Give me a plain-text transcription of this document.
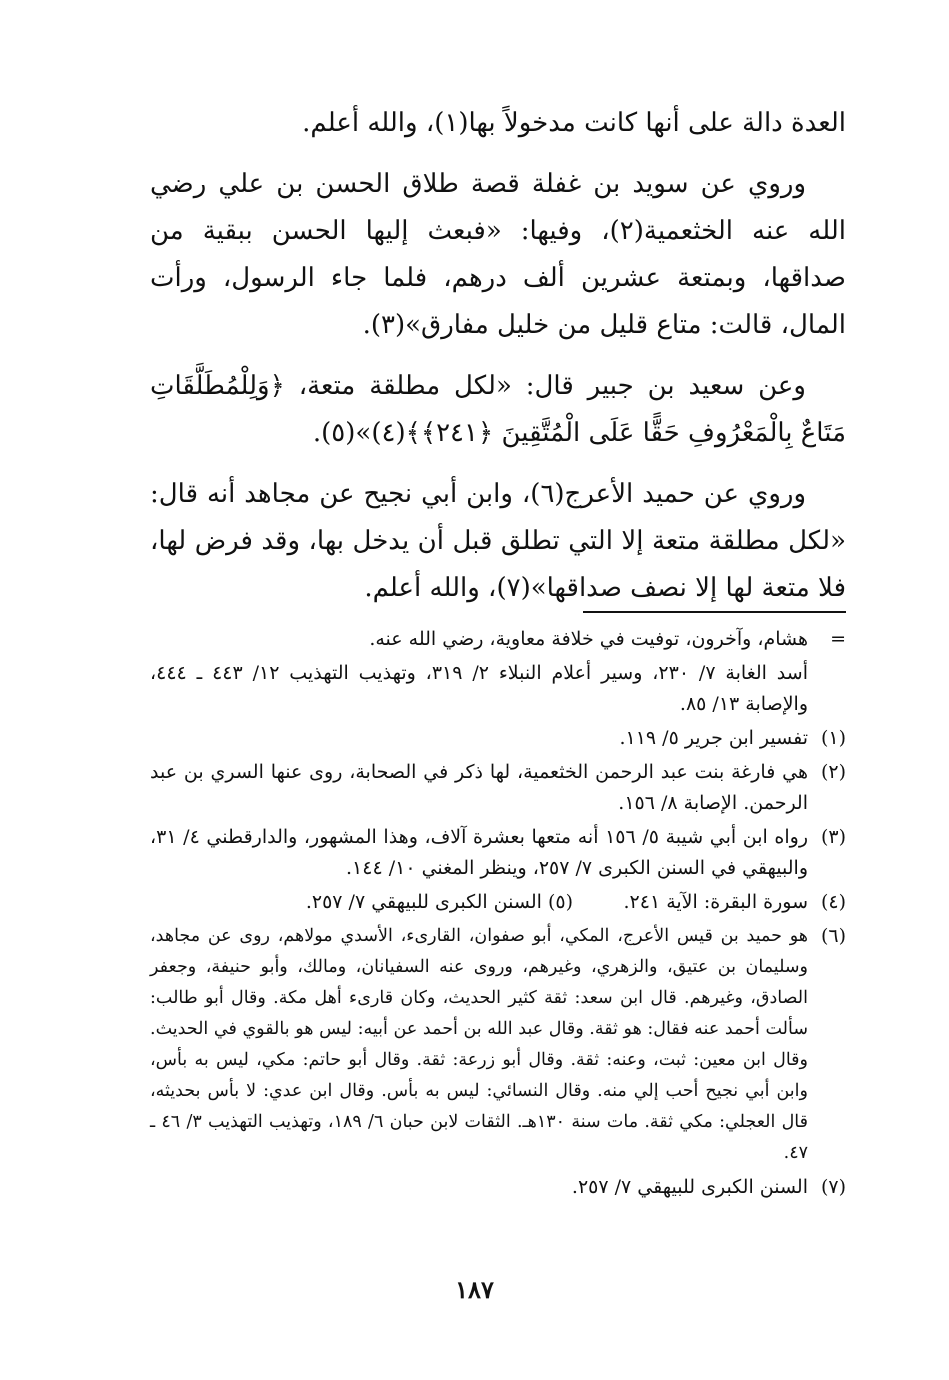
العدة دالة على أنها كانت مدخولاً بها(١)، والله أعلم.

وروي عن سويد بن غفلة قصة طلاق الحسن بن علي رضي الله عنه الخثعمية(٢)، وفيها: «فبعث إليها الحسن ببقية من صداقها، وبمتعة عشرين ألف درهم، فلما جاء الرسول، ورأت المال، قالت: متاع قليل من خليل مفارق»(٣).

وعن سعيد بن جبير قال: «لكل مطلقة متعة، ﴿وَلِلْمُطَلَّقَاتِ مَتَاعٌ بِالْمَعْرُوفِ حَقًّا عَلَى الْمُتَّقِينَ ﴿٢٤١﴾﴾(٤)»(٥).

وروي عن حميد الأعرج(٦)، وابن أبي نجيح عن مجاهد أنه قال: «لكل مطلقة متعة إلا التي تطلق قبل أن يدخل بها، وقد فرض لها، فلا متعة لها إلا نصف صداقها»(٧)، والله أعلم.

=
هشام، وآخرون، توفيت في خلافة معاوية، رضي الله عنه.
أسد الغابة ٧/ ٢٣٠، وسير أعلام النبلاء ٢/ ٣١٩، وتهذيب التهذيب ١٢/ ٤٤٣ ـ ٤٤٤، والإصابة ١٣/ ٨٥.
(١)
تفسير ابن جرير ٥/ ١١٩.
(٢)
هي فارغة بنت عبد الرحمن الخثعمية، لها ذكر في الصحابة، روى عنها السري بن عبد الرحمن. الإصابة ٨/ ١٥٦.
(٣)
رواه ابن أبي شيبة ٥/ ١٥٦ أنه متعها بعشرة آلاف، وهذا المشهور، والدارقطني ٤/ ٣١، والبيهقي في السنن الكبرى ٧/ ٢٥٧، وينظر المغني ١٠/ ١٤٤.
(٤)
سورة البقرة: الآية ٢٤١.
(٥) السنن الكبرى للبيهقي ٧/ ٢٥٧.
(٦)
هو حميد بن قيس الأعرج، المكي، أبو صفوان، القارىء، الأسدي مولاهم، روى عن مجاهد، وسليمان بن عتيق، والزهري، وغيرهم، وروى عنه السفيانان، ومالك، وأبو حنيفة، وجعفر الصادق، وغيرهم. قال ابن سعد: ثقة كثير الحديث، وكان قارىء أهل مكة. وقال أبو طالب: سألت أحمد عنه فقال: هو ثقة. وقال عبد الله بن أحمد عن أبيه: ليس هو بالقوي في الحديث. وقال ابن معين: ثبت، وعنه: ثقة. وقال أبو زرعة: ثقة. وقال أبو حاتم: مكي، ليس به بأس، وابن أبي نجيح أحب إلي منه. وقال النسائي: ليس به بأس. وقال ابن عدي: لا بأس بحديثه، قال العجلي: مكي ثقة. مات سنة ١٣٠هـ. الثقات لابن حبان ٦/ ١٨٩، وتهذيب التهذيب ٣/ ٤٦ ـ ٤٧.
(٧)
السنن الكبرى للبيهقي ٧/ ٢٥٧.
١٨٧
